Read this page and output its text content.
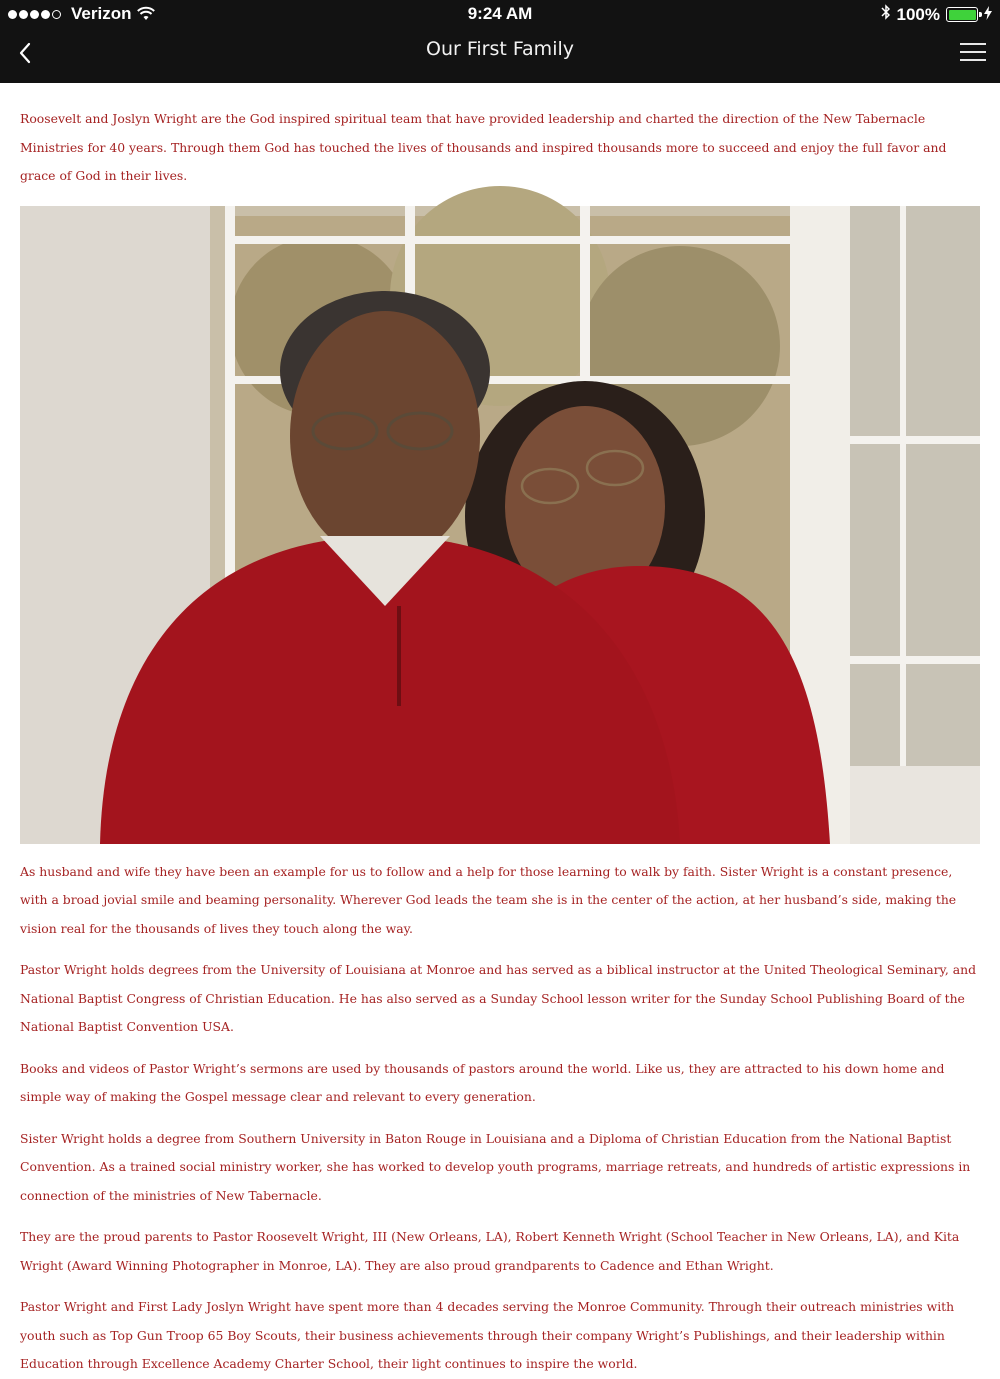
Verizon	9:24 AM	100%
Our First Family

Roosevelt and Joslyn Wright are the God inspired spiritual team that have provided leadership and charted the direction of the New Tabernacle Ministries for 40 years. Through them God has touched the lives of thousands and inspired thousands more to succeed and enjoy the full favor and grace of God in their lives.

As husband and wife they have been an example for us to follow and a help for those learning to walk by faith. Sister Wright is a constant presence, with a broad jovial smile and beaming personality. Wherever God leads the team she is in the center of the action, at her husband’s side, making the vision real for the thousands of lives they touch along the way.

Pastor Wright holds degrees from the University of Louisiana at Monroe and has served as a biblical instructor at the United Theological Seminary, and National Baptist Congress of Christian Education. He has also served as a Sunday School lesson writer for the Sunday School Publishing Board of the National Baptist Convention USA.

Books and videos of Pastor Wright’s sermons are used by thousands of pastors around the world. Like us, they are attracted to his down home and simple way of making the Gospel message clear and relevant to every generation.

Sister Wright holds a degree from Southern University in Baton Rouge in Louisiana and a Diploma of Christian Education from the National Baptist Convention. As a trained social ministry worker, she has worked to develop youth programs, marriage retreats, and hundreds of artistic expressions in connection of the ministries of New Tabernacle.

They are the proud parents to Pastor Roosevelt Wright, III (New Orleans, LA), Robert Kenneth Wright (School Teacher in New Orleans, LA), and Kita Wright (Award Winning Photographer in Monroe, LA). They are also proud grandparents to Cadence and Ethan Wright.

Pastor Wright and First Lady Joslyn Wright have spent more than 4 decades serving the Monroe Community. Through their outreach ministries with youth such as Top Gun Troop 65 Boy Scouts, their business achievements through their company Wright’s Publishings, and their leadership within Education through Excellence Academy Charter School, their light continues to inspire the world.
